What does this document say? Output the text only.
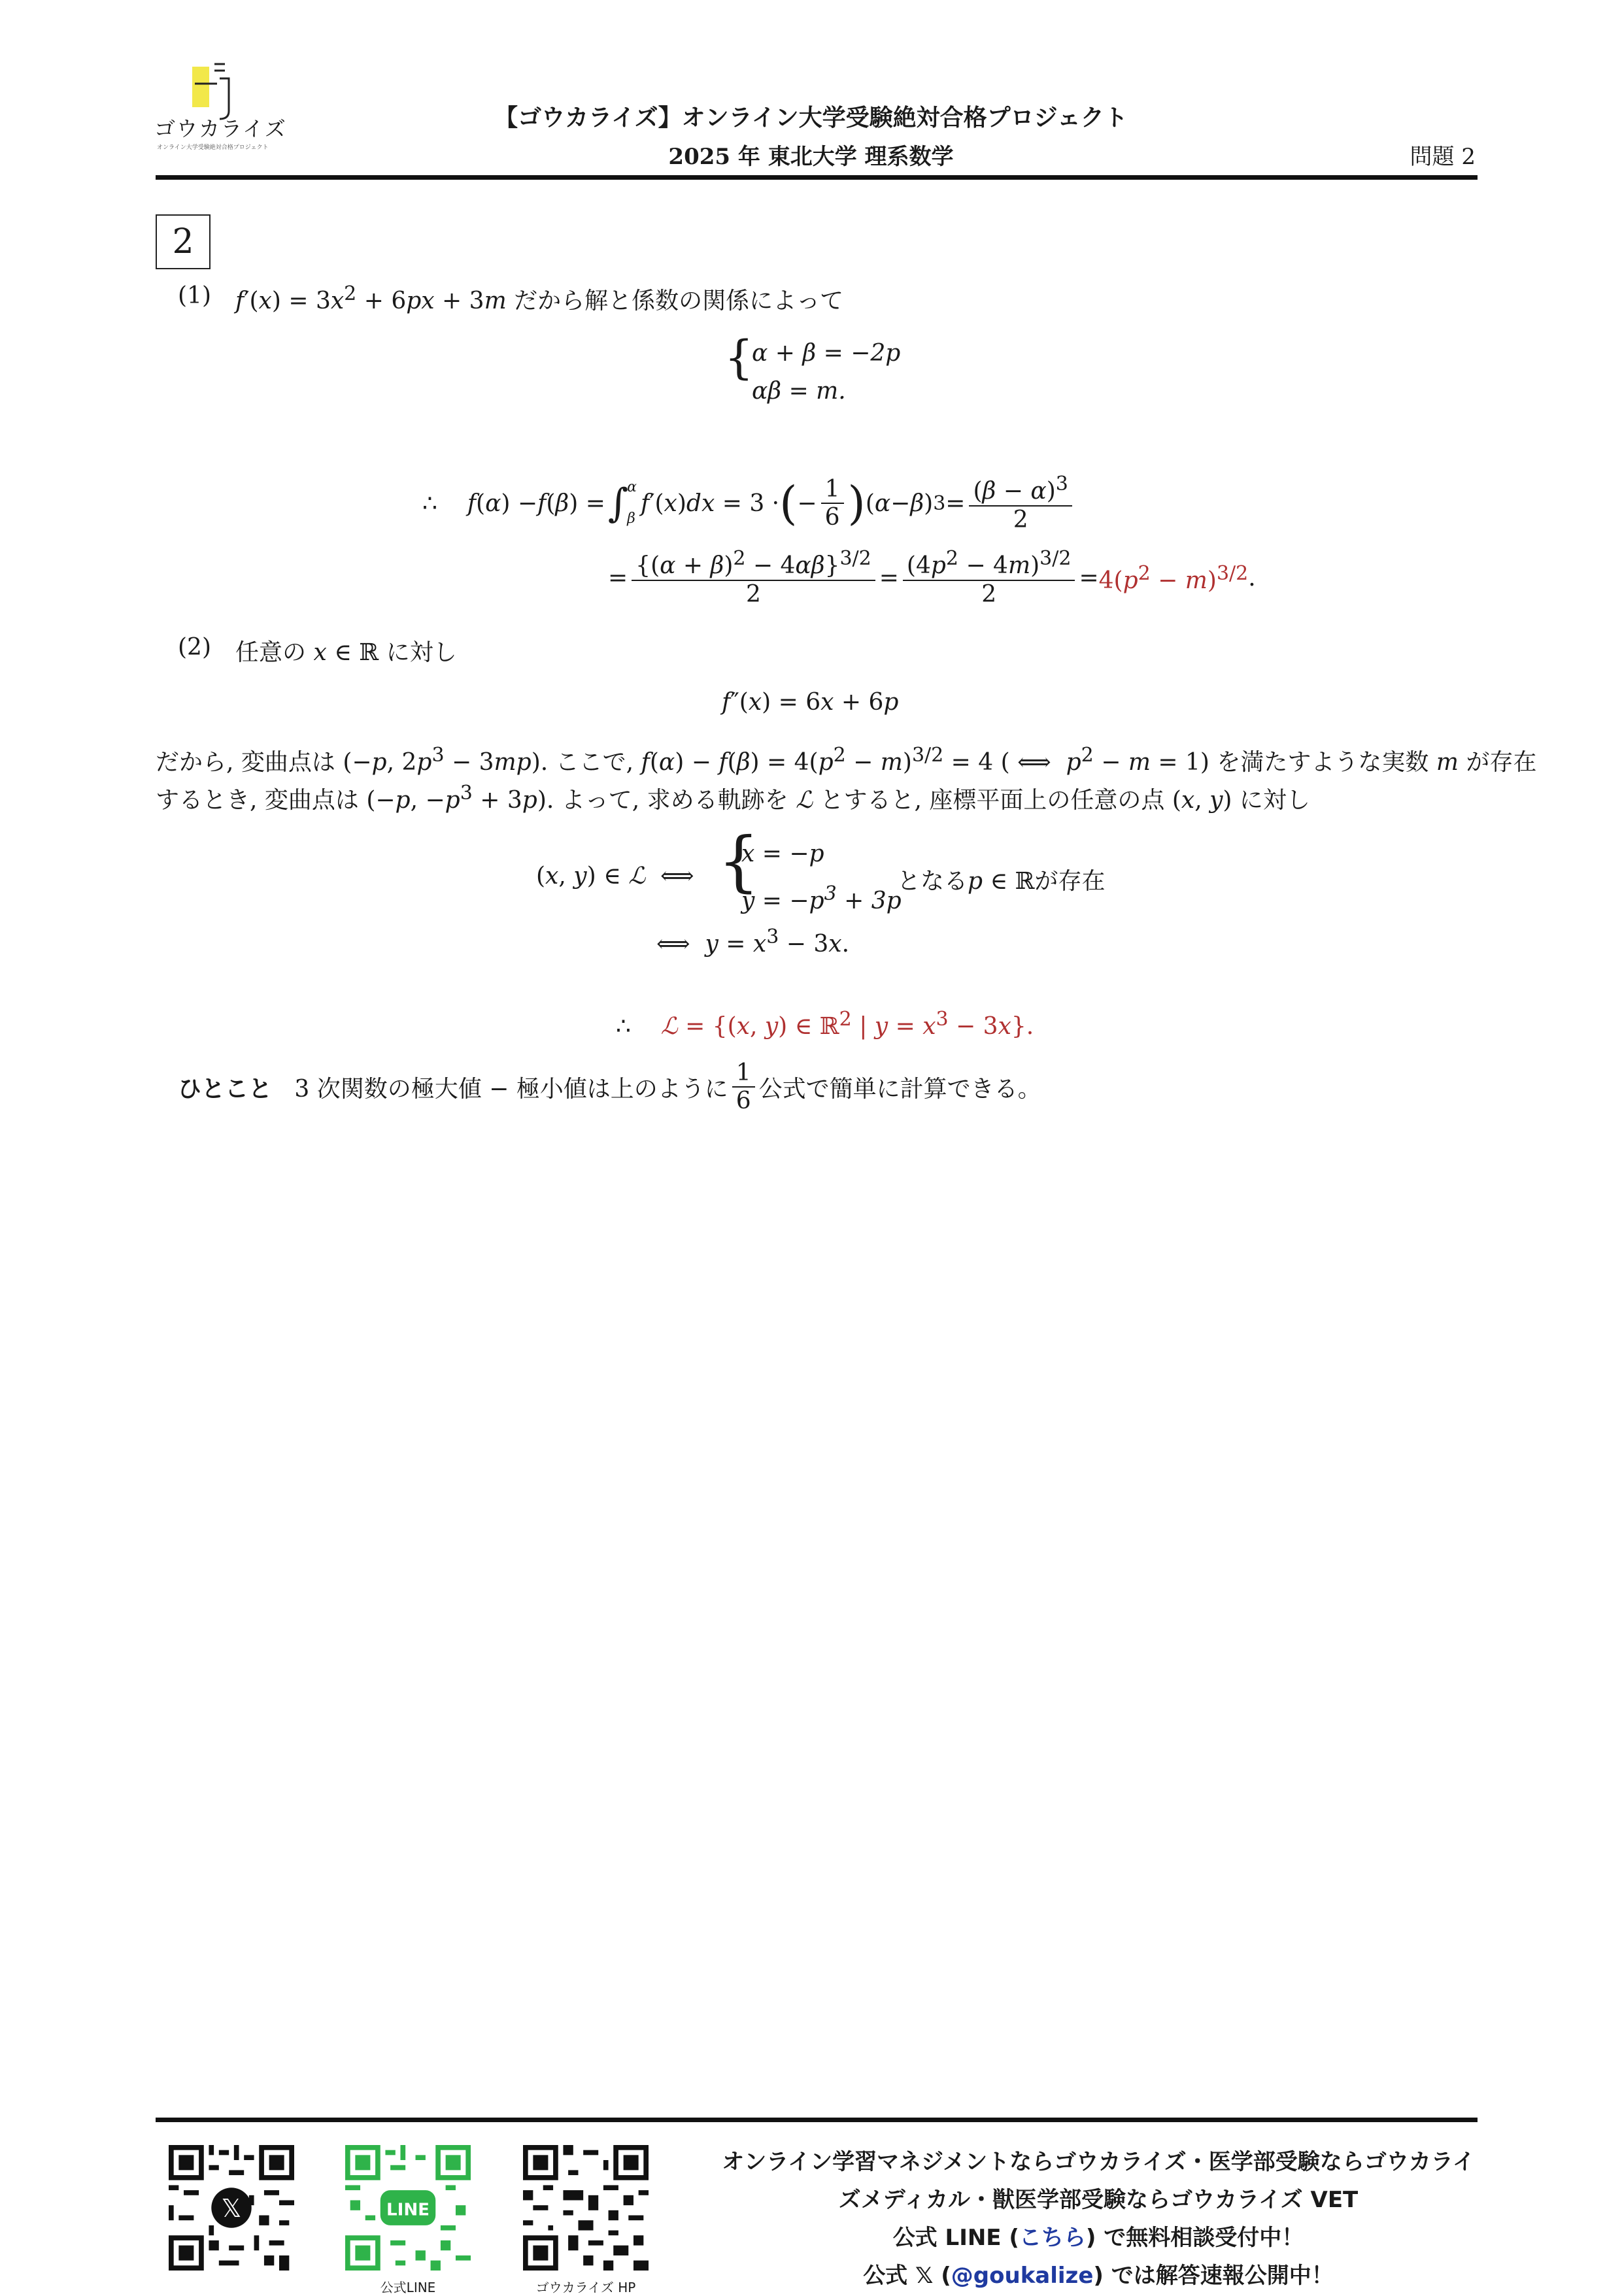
ゴウカライズ
オンライン大学受験絶対合格プロジェクト
【ゴウカライズ】オンライン大学受験絶対合格プロジェクト
2025 年 東北大学 理系数学	問題 2
2
(1) $f'(x) = 3x^2 + 6px + 3m$ だから解と係数の関係によって
{
α + β = −2p
αβ = m.
∴
f ( α ) − f ( β ) = ∫
α
β
f ′( x ) dx = 3 · ( − $\frac{1}{6}$ ) ( α − β ) $3 = \frac{(\beta - \alpha)^3}{2}$
= $\frac{\{(\alpha + \beta)^2 - 4\alpha\beta\}^{3/2}}{2} = \frac{(4p^2 - 4m)^{3/2}}{2} = 4(p^2 - m)^{3/2}$ .
(2) 任意の x ∈ ℝ に対し
f″(x) = 6x + 6p
だから, 変曲点は (−p, $2p^3 - 3mp$). ここで, $f(\alpha) - f(\beta) = 4(p^2 - m)^{3/2} = 4$ ( ⟺  $p^2 - m = 1$) を満たすような実数 m が存在
するとき, 変曲点は (−p, $-p^3 + 3p$). よって, 求める軌跡を ℒ とすると, 座標平面上の任意の点 (x, y) に対し
(x, y) ∈ ℒ  ⟺ {
x = −p
$y = -p^3 + 3p$
となるp ∈ ℝが存在
⟺  $y = x^3 - 3x$.
∴    ℒ = {(x, y) ∈ ℝ$^2$ | $y = x^3 - 3x$}.
ひとこと
3 次関数の極大値 − 極小値は上のように $\frac{1}{6}$ 公式で簡単に計算できる。
𝕏	LINE
公式LINE	ゴウカライズ HP
オンライン学習マネジメントならゴウカライズ・医学部受験ならゴウカライ
ズメディカル・獣医学部受験ならゴウカライズ VET
公式 LINE (こちら) で無料相談受付中！
公式 𝕏 (@goukalize) では解答速報公開中！
